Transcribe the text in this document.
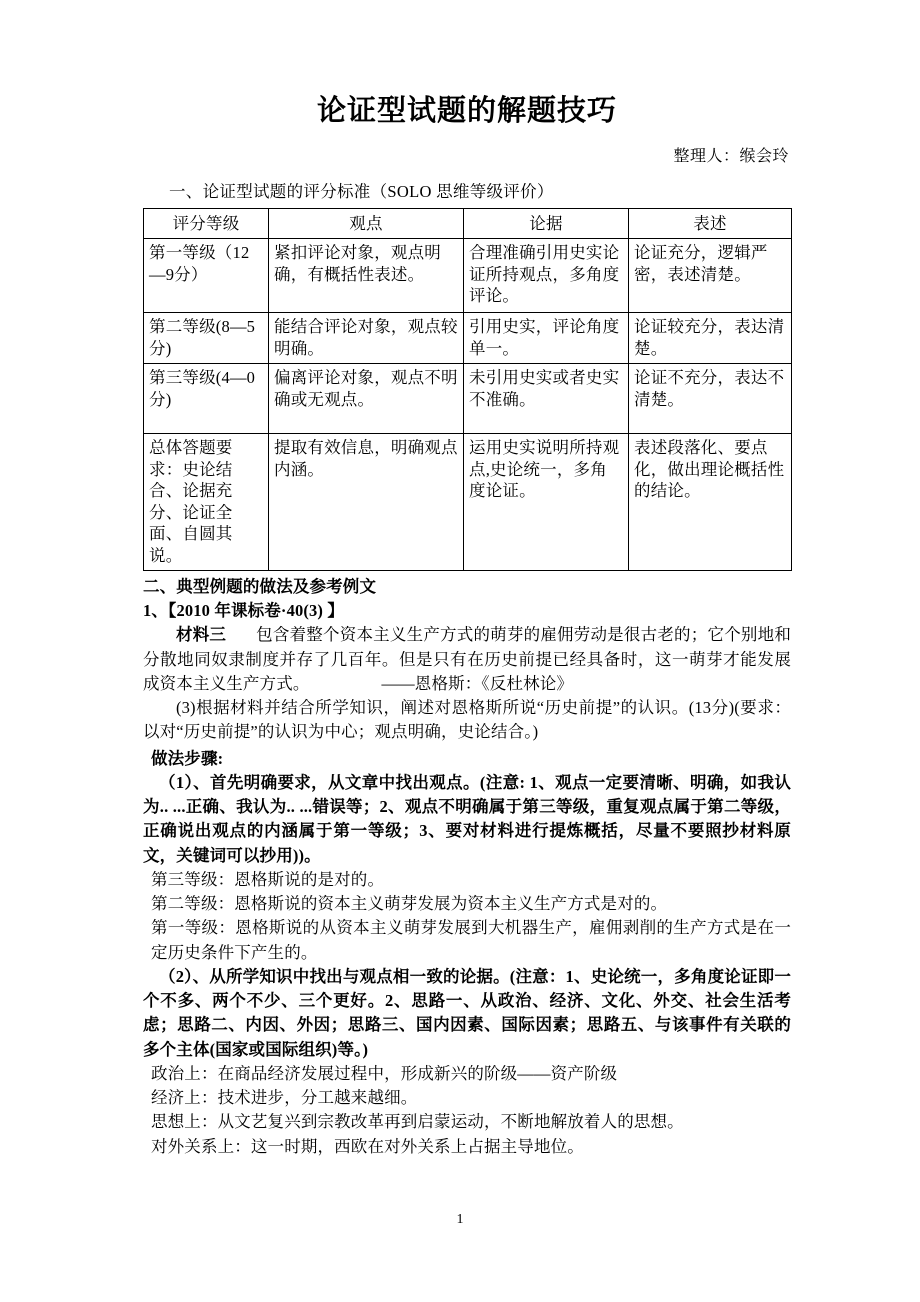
论证型试题的解题技巧
整理人：缑会玲
一、论证型试题的评分标准（SOLO 思维等级评价）
评分等级	观点	论据	表述
第一等级（12—9分）	紧扣评论对象，观点明确，有概括性表述。	合理准确引用史实论证所持观点，多角度评论。	论证充分，逻辑严密，表述清楚。
第二等级(8—5 分)	能结合评论对象，观点较明确。	引用史实，评论角度单一。	论证较充分，表达清楚。
第三等级(4—0 分)	偏离评论对象，观点不明确或无观点。	未引用史实或者史实不准确。	论证不充分，表达不清楚。
总体答题要求：史论结合、论据充分、论证全面、自圆其说。	提取有效信息，明确观点内涵。	运用史实说明所持观点,史论统一，多角度论证。	表述段落化、要点化，做出理论概括性的结论。
二、典型例题的做法及参考例文
1、【2010 年课标卷·40(3) 】
材料三 包含着整个资本主义生产方式的萌芽的雇佣劳动是很古老的；它个别地和分散地同奴隶制度并存了几百年。但是只有在历史前提已经具备时，这一萌芽才能发展成资本主义生产方式。	——恩格斯：《反杜林论》
(3)根据材料并结合所学知识，阐述对恩格斯所说“历史前提”的认识。(13分)(要求：以对“历史前提”的认识为中心；观点明确，史论结合。)
做法步骤:
（1）、首先明确要求，从文章中找出观点。(注意: 1、观点一定要清晰、明确，如我认为.. ...正确、我认为.. ...错误等；2、观点不明确属于第三等级，重复观点属于第二等级，正确说出观点的内涵属于第一等级；3、要对材料进行提炼概括，尽量不要照抄材料原文，关键词可以抄用))。
第三等级：恩格斯说的是对的。
第二等级：恩格斯说的资本主义萌芽发展为资本主义生产方式是对的。
第一等级：恩格斯说的从资本主义萌芽发展到大机器生产，雇佣剥削的生产方式是在一定历史条件下产生的。
（2）、从所学知识中找出与观点相一致的论据。(注意：1、史论统一，多角度论证即一个不多、两个不少、三个更好。2、思路一、从政治、经济、文化、外交、社会生活考虑；思路二、内因、外因；思路三、国内因素、国际因素；思路五、与该事件有关联的多个主体(国家或国际组织)等。)
政治上：在商品经济发展过程中，形成新兴的阶级——资产阶级
经济上：技术进步，分工越来越细。
思想上：从文艺复兴到宗教改革再到启蒙运动，不断地解放着人的思想。
对外关系上：这一时期，西欧在对外关系上占据主导地位。
1
